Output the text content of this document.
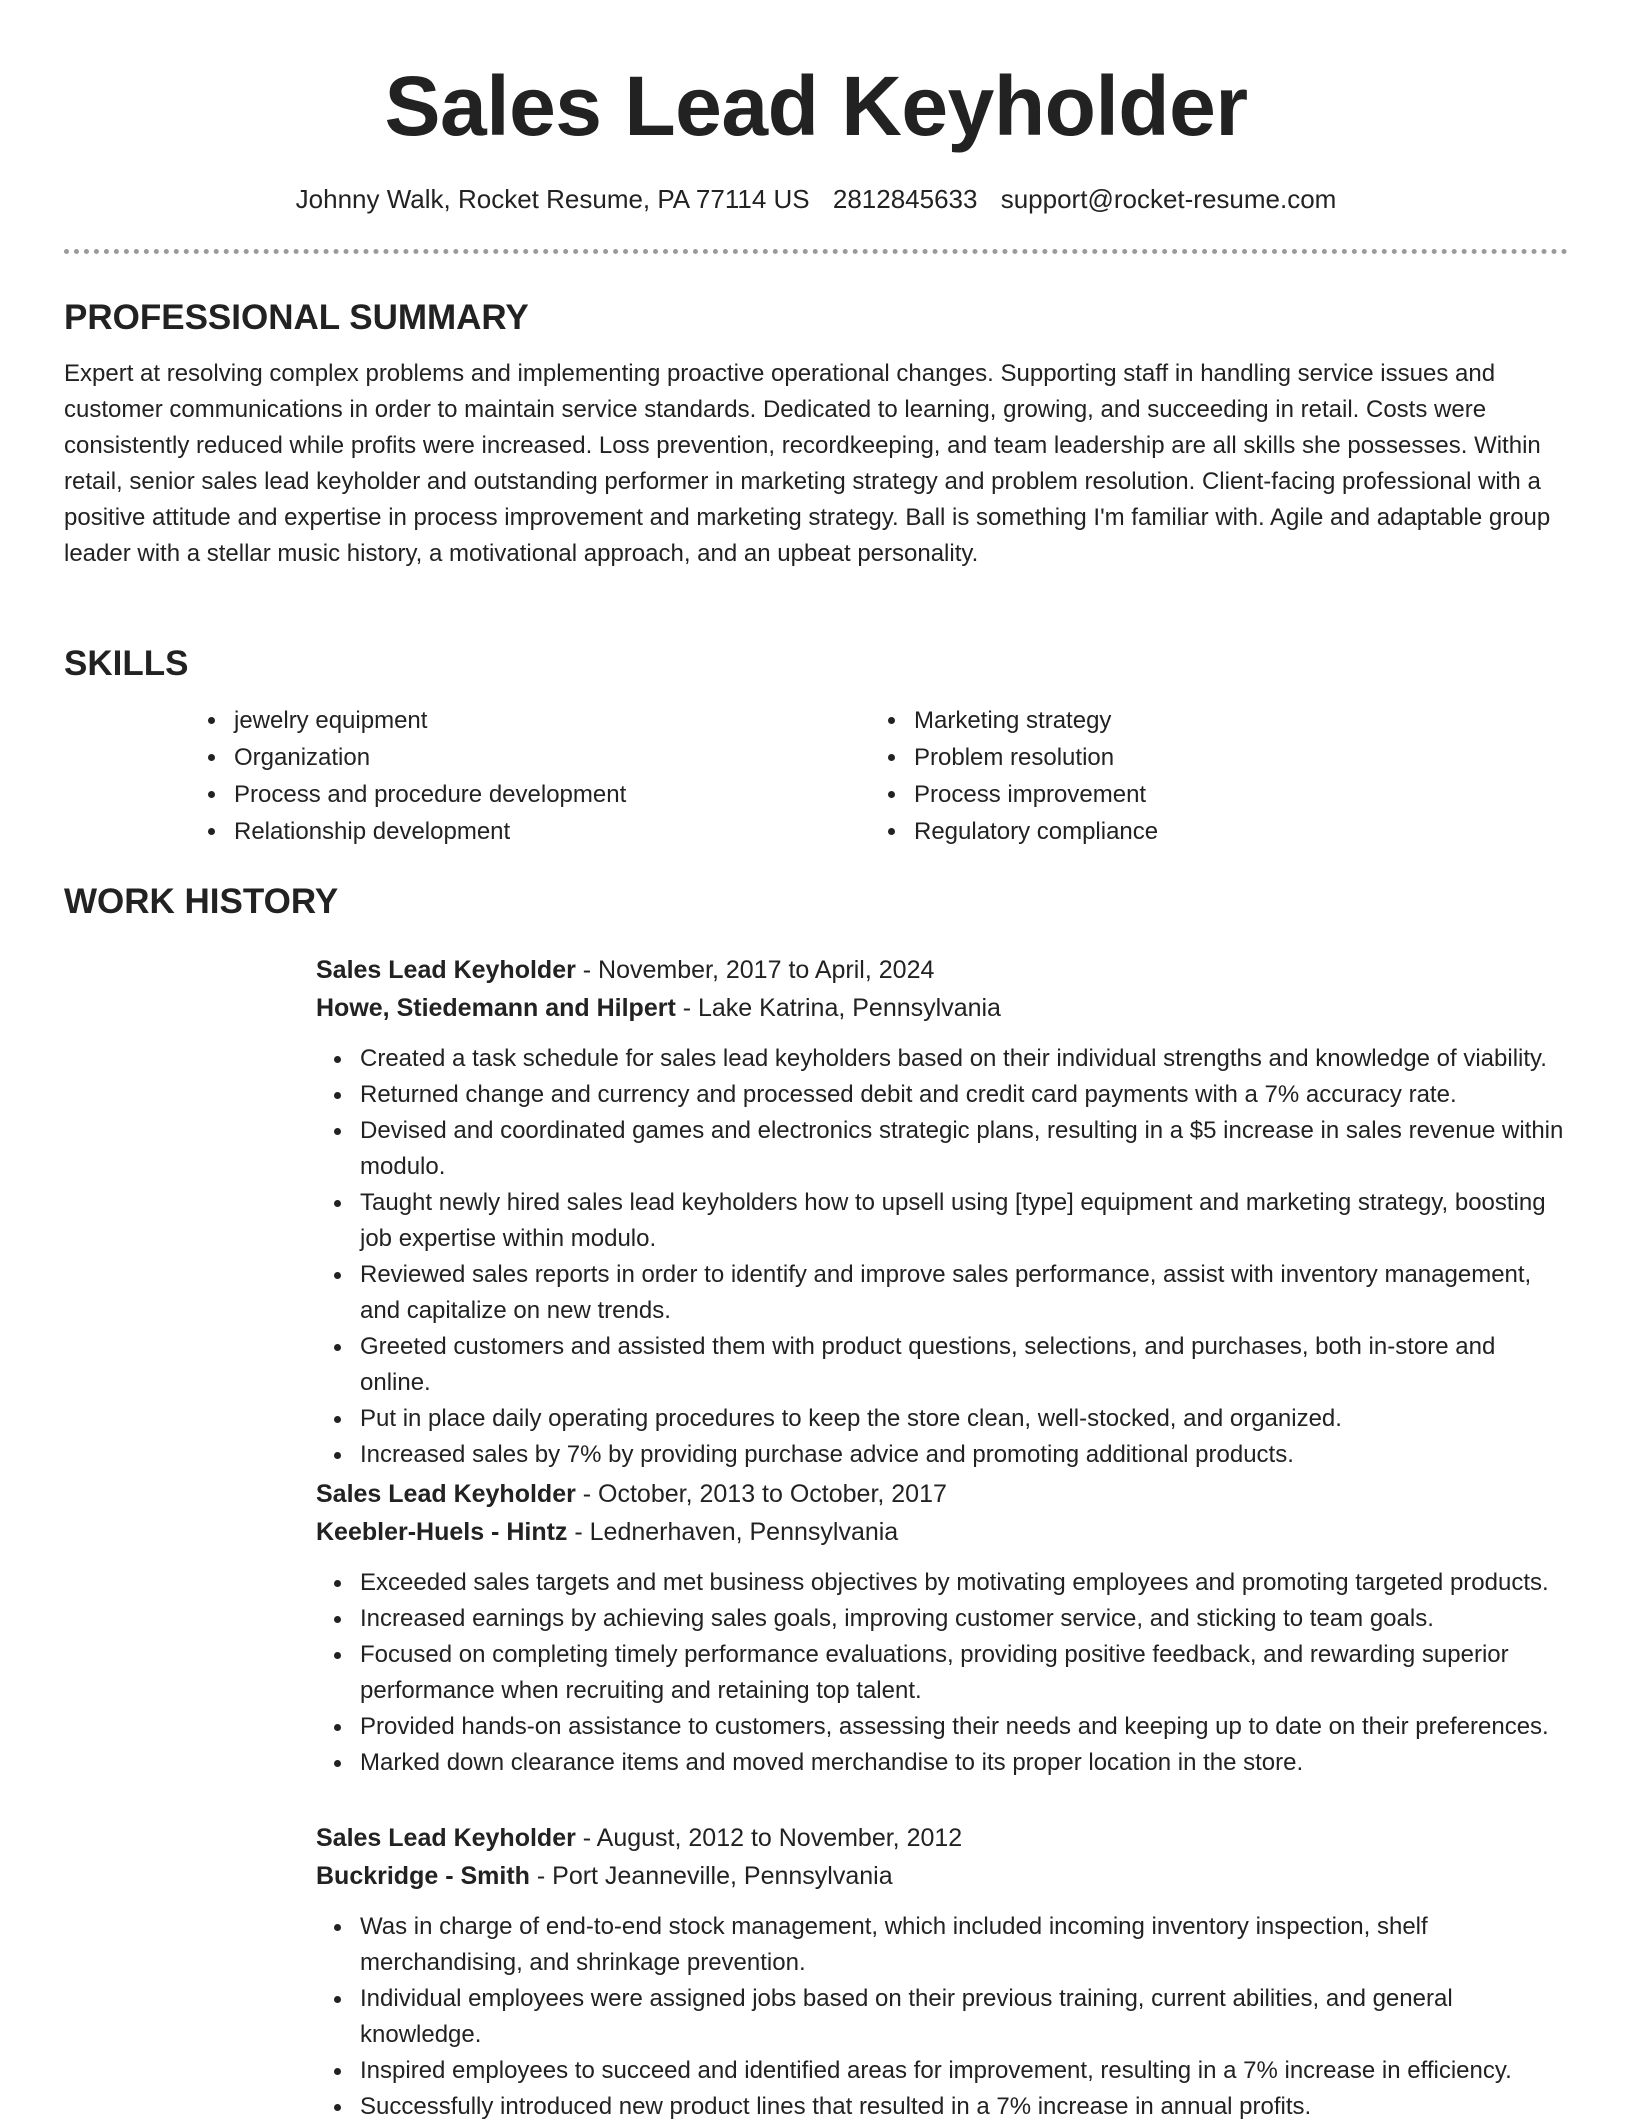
Sales Lead Keyholder
Johnny Walk, Rocket Resume, PA 77114 US 2812845633 support@rocket-resume.com
PROFESSIONAL SUMMARY

Expert at resolving complex problems and implementing proactive operational changes. Supporting staff in handling service issues and customer communications in order to maintain service standards. Dedicated to learning, growing, and succeeding in retail. Costs were consistently reduced while profits were increased. Loss prevention, recordkeeping, and team leadership are all skills she possesses. Within retail, senior sales lead keyholder and outstanding performer in marketing strategy and problem resolution. Client-facing professional with a positive attitude and expertise in process improvement and marketing strategy. Ball is something I'm familiar with. Agile and adaptable group leader with a stellar music history, a motivational approach, and an upbeat personality.

SKILLS
jewelry equipment
Organization
Process and procedure development
Relationship development
Marketing strategy
Problem resolution
Process improvement
Regulatory compliance
WORK HISTORY
Sales Lead Keyholder - November, 2017 to April, 2024
Howe, Stiedemann and Hilpert - Lake Katrina, Pennsylvania
Created a task schedule for sales lead keyholders based on their individual strengths and knowledge of viability.
Returned change and currency and processed debit and credit card payments with a 7% accuracy rate.
Devised and coordinated games and electronics strategic plans, resulting in a $5 increase in sales revenue within modulo.
Taught newly hired sales lead keyholders how to upsell using [type] equipment and marketing strategy, boosting job expertise within modulo.
Reviewed sales reports in order to identify and improve sales performance, assist with inventory management, and capitalize on new trends.
Greeted customers and assisted them with product questions, selections, and purchases, both in-store and online.
Put in place daily operating procedures to keep the store clean, well-stocked, and organized.
Increased sales by 7% by providing purchase advice and promoting additional products.
Sales Lead Keyholder - October, 2013 to October, 2017
Keebler-Huels - Hintz - Lednerhaven, Pennsylvania
Exceeded sales targets and met business objectives by motivating employees and promoting targeted products.
Increased earnings by achieving sales goals, improving customer service, and sticking to team goals.
Focused on completing timely performance evaluations, providing positive feedback, and rewarding superior performance when recruiting and retaining top talent.
Provided hands-on assistance to customers, assessing their needs and keeping up to date on their preferences.
Marked down clearance items and moved merchandise to its proper location in the store.
Sales Lead Keyholder - August, 2012 to November, 2012
Buckridge - Smith - Port Jeanneville, Pennsylvania
Was in charge of end-to-end stock management, which included incoming inventory inspection, shelf merchandising, and shrinkage prevention.
Individual employees were assigned jobs based on their previous training, current abilities, and general knowledge.
Inspired employees to succeed and identified areas for improvement, resulting in a 7% increase in efficiency.
Successfully introduced new product lines that resulted in a 7% increase in annual profits.
